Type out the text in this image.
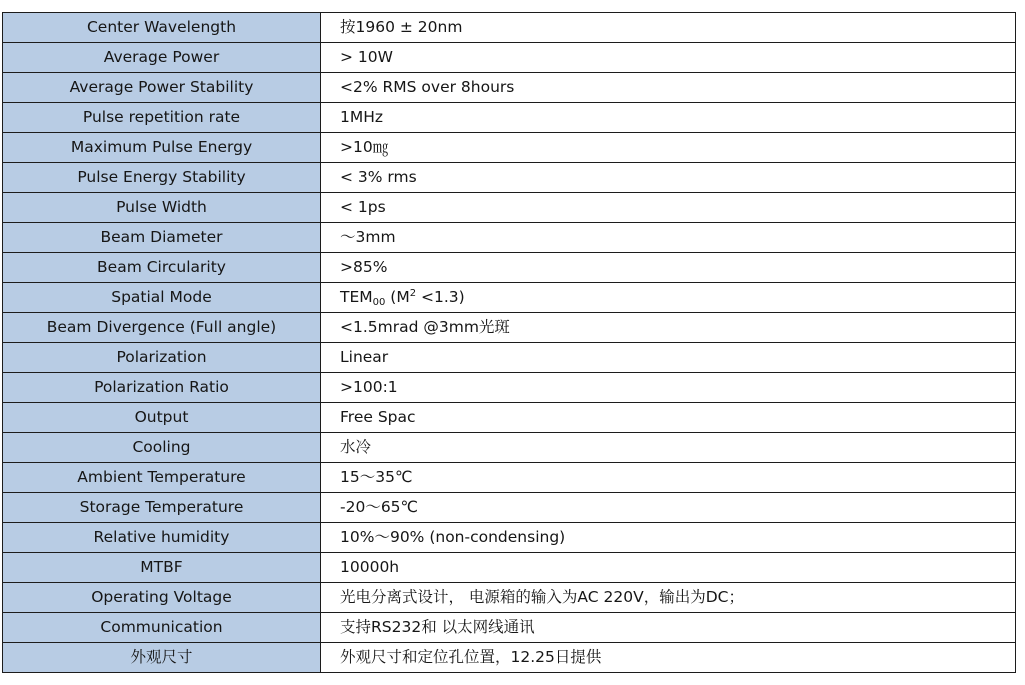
Center Wavelength	按1960 ± 20nm
Average Power	> 10W
Average Power Stability	<2% RMS over 8hours
Pulse repetition rate	1MHz
Maximum Pulse Energy	>10㎎
Pulse Energy Stability	< 3% rms
Pulse Width	< 1ps
Beam Diameter	～3mm
Beam Circularity	>85%
Spatial Mode	$TEM_{00}$ $(M^2 <1.3)$
Beam Divergence (Full angle)	<1.5mrad @3mm光斑
Polarization	Linear
Polarization Ratio	>100:1
Output	Free Spac
Cooling	水冷
Ambient Temperature	15～35℃
Storage Temperature	-20～65℃
Relative humidity	10%～90% (non-condensing)
MTBF	10000h
Operating Voltage	光电分离式设计， 电源箱的输入为AC 220V，输出为DC；
Communication	支持RS232和 以太网线通讯
外观尺寸	外观尺寸和定位孔位置，12.25日提供
